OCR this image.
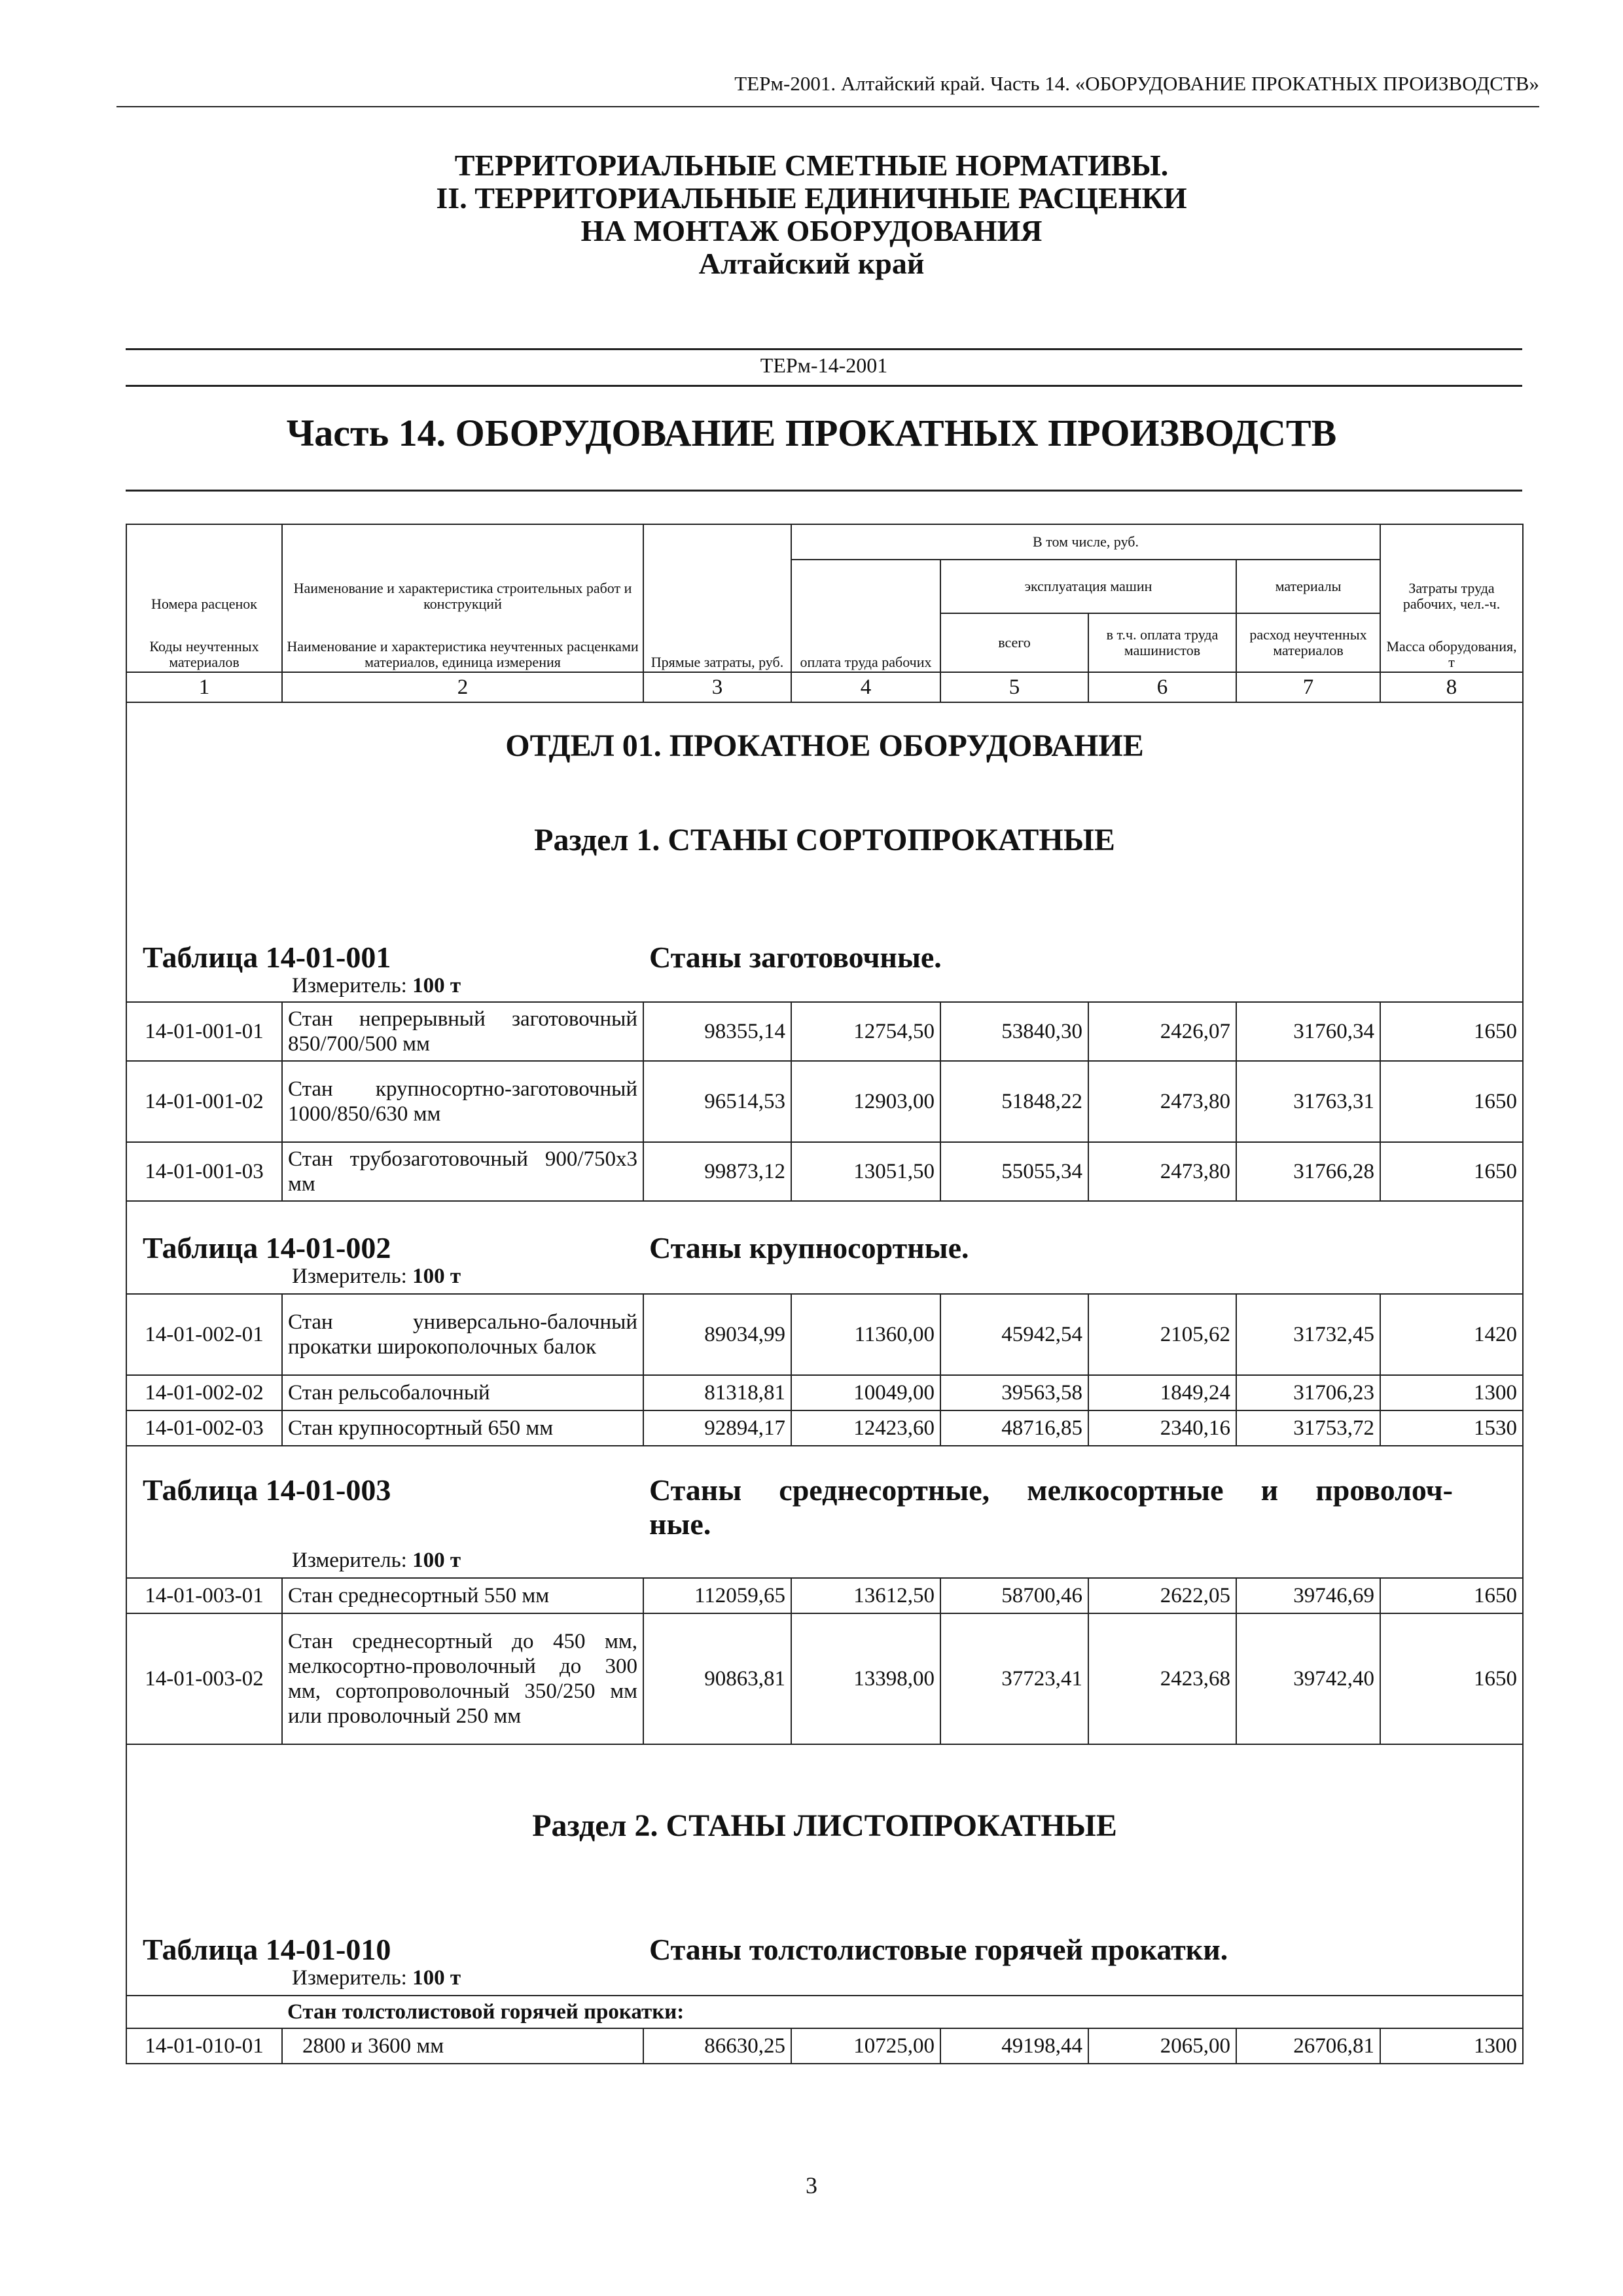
ТЕРм-2001. Алтайский край. Часть 14. «ОБОРУДОВАНИЕ ПРОКАТНЫХ ПРОИЗВОДСТВ»
ТЕРРИТОРИАЛЬНЫЕ СМЕТНЫЕ НОРМАТИВЫ.
II. ТЕРРИТОРИАЛЬНЫЕ ЕДИНИЧНЫЕ РАСЦЕНКИ
НА МОНТАЖ ОБОРУДОВАНИЯ
Алтайский край
ТЕРм-14-2001
Часть 14. ОБОРУДОВАНИЕ ПРОКАТНЫХ ПРОИЗВОДСТВ
Номера расценок	Наименование и характеристика строительных работ и конструкций	Прямые затраты, руб.	В том числе, руб.				Затраты труда рабочих, чел.-ч.
			оплата труда рабочих	эксплуатация машин		материалы	
Коды неучтенных материалов	Наименование и характеристика неучтенных расценками материалов, единица измерения			всего	в т.ч. оплата труда машинистов	расход неучтенных материалов	Масса оборудования, т
1	2	3	4	5	6	7	8

ОТДЕЛ 01. ПРОКАТНОЕ ОБОРУДОВАНИЕ
Раздел 1. СТАНЫ СОРТОПРОКАТНЫЕ
Таблица 14-01-001 Станы заготовочные.
Измеритель: 100 т							

14-01-001-01	Стан непрерывный заготовочный 850/700/500 мм	98355,14	12754,50	53840,30	2426,07	31760,34	1650
14-01-001-02	Стан крупносортно-заготовочный 1000/850/630 мм	96514,53	12903,00	51848,22	2473,80	31763,31	1650
14-01-001-03	Стан трубозаготовочный 900/750х3 мм	99873,12	13051,50	55055,34	2473,80	31766,28	1650

Таблица 14-01-002 Станы крупносортные.
Измеритель: 100 т							

14-01-002-01	Стан универсально-балочный прокатки широкополочных балок	89034,99	11360,00	45942,54	2105,62	31732,45	1420
14-01-002-02	Стан рельсобалочный	81318,81	10049,00	39563,58	1849,24	31706,23	1300
14-01-002-03	Стан крупносортный 650 мм	92894,17	12423,60	48716,85	2340,16	31753,72	1530

Таблица 14-01-003 Станы среднесортные, мелкосортные и проволоч-
ные.
Измеритель: 100 т							

14-01-003-01	Стан среднесортный 550 мм	112059,65	13612,50	58700,46	2622,05	39746,69	1650
14-01-003-02	Стан среднесортный до 450 мм, мелкосортно-проволочный до 300 мм, сортопроволочный 350/250 мм или проволочный 250 мм	90863,81	13398,00	37723,41	2423,68	39742,40	1650

Раздел 2. СТАНЫ ЛИСТОПРОКАТНЫЕ
Таблица 14-01-010 Станы толстолистовые горячей прокатки.
Измеритель: 100 т							

	Стан толстолистовой горячей прокатки:						
14-01-010-01	2800 и 3600 мм	86630,25	10725,00	49198,44	2065,00	26706,81	1300
3
